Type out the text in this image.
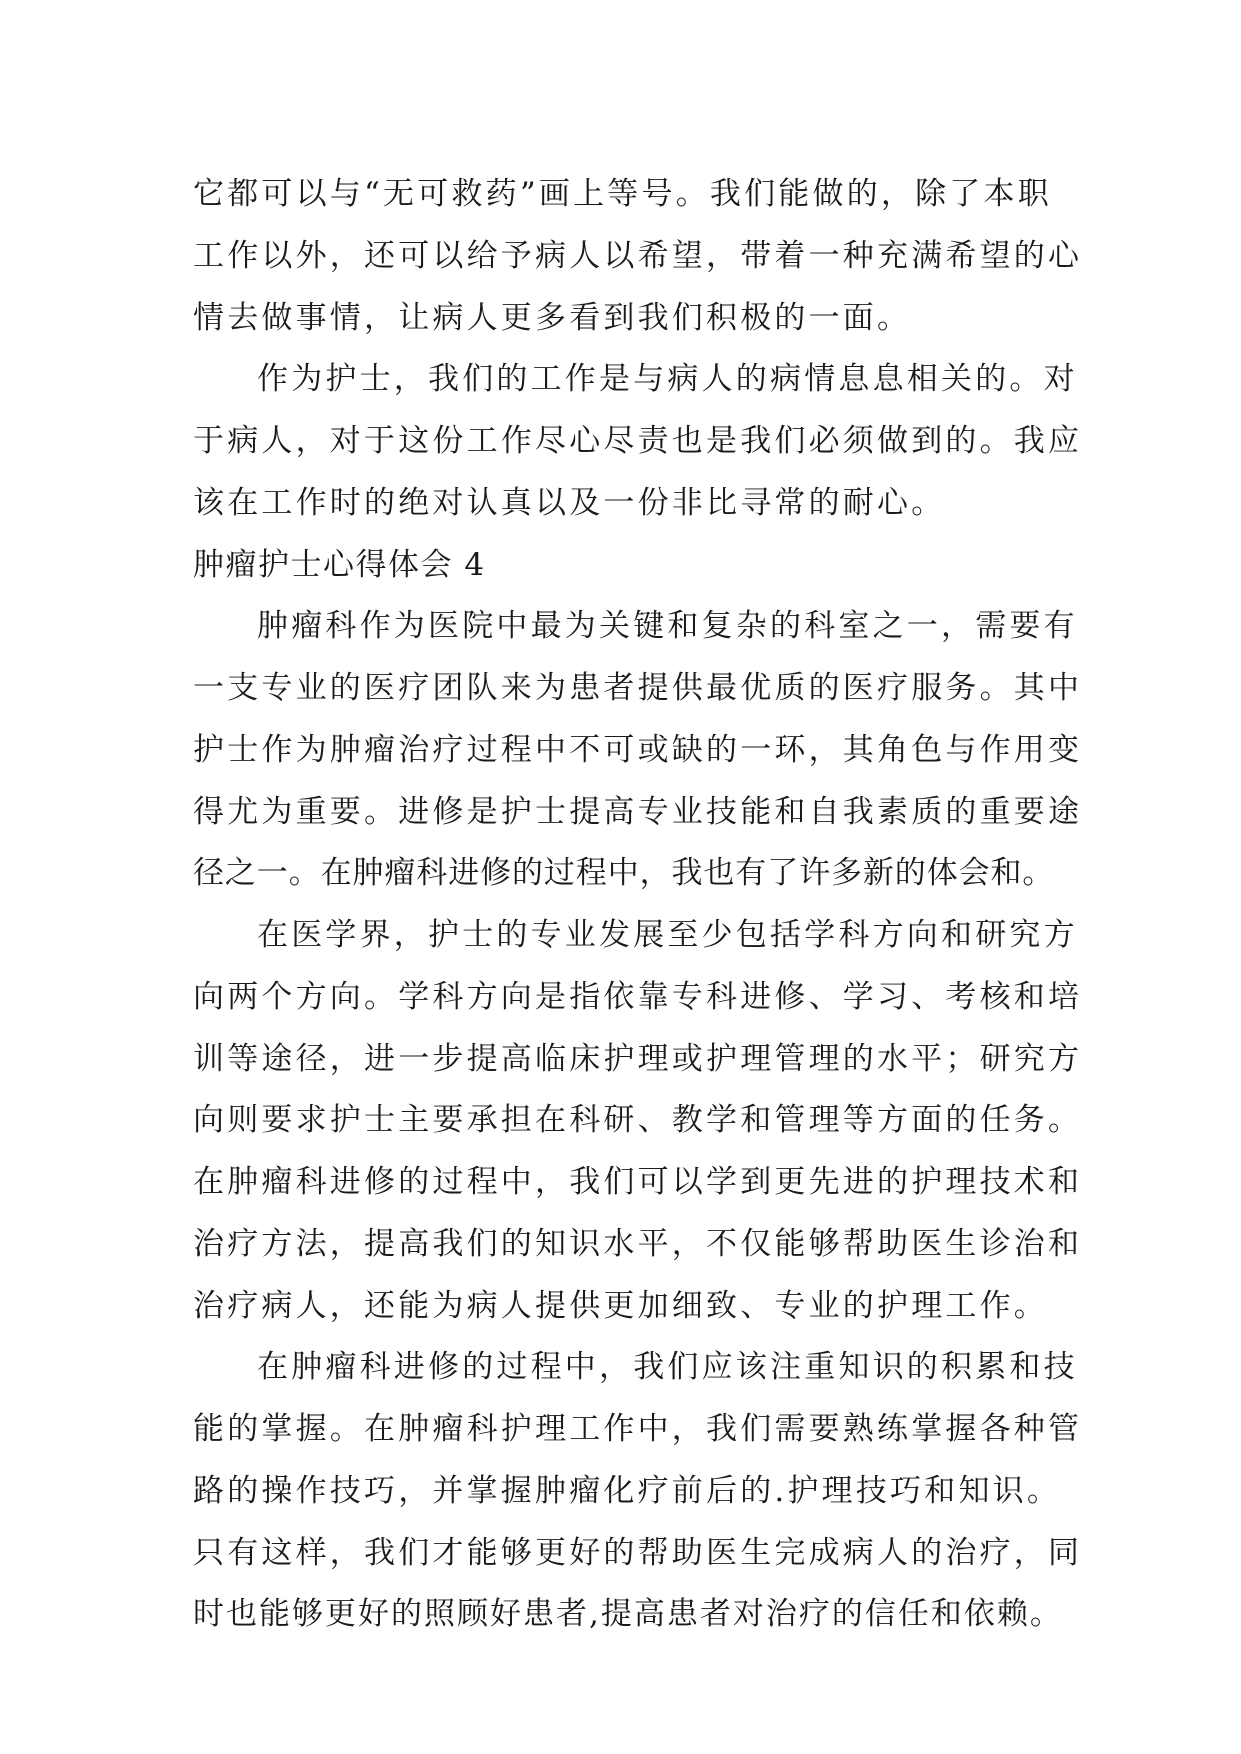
它都可以与“无可救药”画上等号。我们能做的，除了本职
工作以外，还可以给予病人以希望，带着一种充满希望的心
情去做事情，让病人更多看到我们积极的一面。
作为护士，我们的工作是与病人的病情息息相关的。对
于病人，对于这份工作尽心尽责也是我们必须做到的。我应
该在工作时的绝对认真以及一份非比寻常的耐心。
肿瘤护士心得体会 4
肿瘤科作为医院中最为关键和复杂的科室之一，需要有
一支专业的医疗团队来为患者提供最优质的医疗服务。其中
护士作为肿瘤治疗过程中不可或缺的一环，其角色与作用变
得尤为重要。进修是护士提高专业技能和自我素质的重要途
径之一。在肿瘤科进修的过程中，我也有了许多新的体会和。
在医学界，护士的专业发展至少包括学科方向和研究方
向两个方向。学科方向是指依靠专科进修、学习、考核和培
训等途径，进一步提高临床护理或护理管理的水平；研究方
向则要求护士主要承担在科研、教学和管理等方面的任务。
在肿瘤科进修的过程中，我们可以学到更先进的护理技术和
治疗方法，提高我们的知识水平，不仅能够帮助医生诊治和
治疗病人，还能为病人提供更加细致、专业的护理工作。
在肿瘤科进修的过程中，我们应该注重知识的积累和技
能的掌握。在肿瘤科护理工作中，我们需要熟练掌握各种管
路的操作技巧，并掌握肿瘤化疗前后的.护理技巧和知识。
只有这样，我们才能够更好的帮助医生完成病人的治疗，同
时也能够更好的照顾好患者,提高患者对治疗的信任和依赖。
